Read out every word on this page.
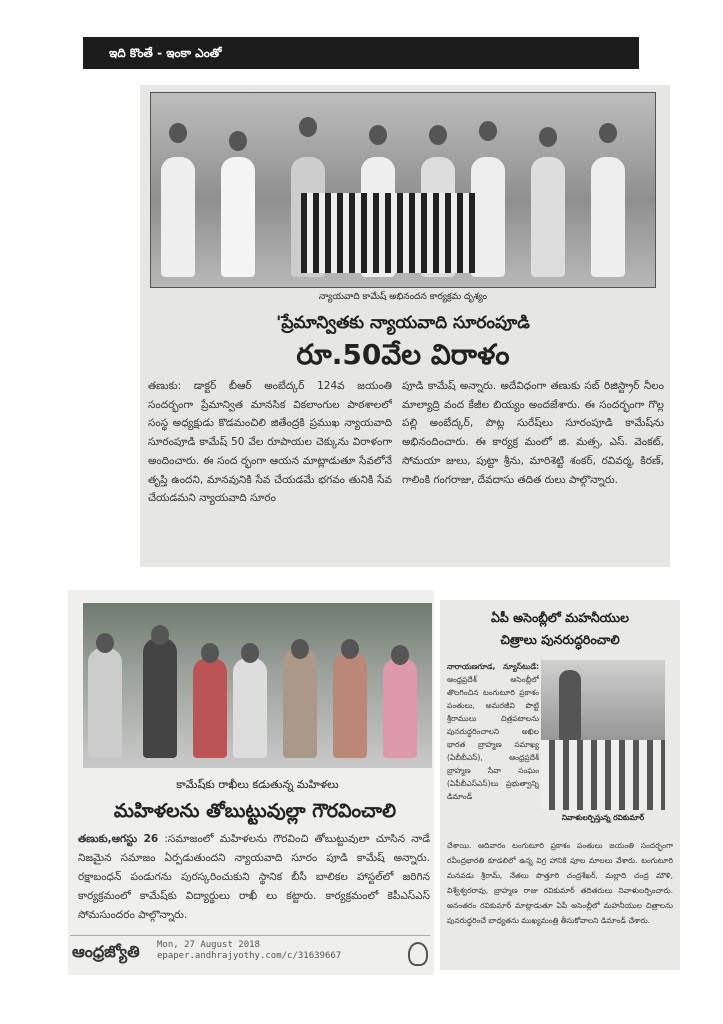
ఇది కొంతే - ఇంకా ఎంతో
న్యాయవాది కామేష్ అభినందన కార్యక్రమ దృశ్యం
'ప్రేమాన్వితకు న్యాయవాది సూరంపూడి
రూ.50వేల విరాళం
తణుకు: డాక్టర్ బీఆర్ అంబేద్కర్ 124వ జయంతి సందర్భంగా ప్రేమాన్విత మానసిక వికలాంగుల పాఠశాలలో సంస్థ అధ్యక్షుడు కొడమంచిలి జితేంద్రకి ప్రముఖ న్యాయవాది సూరంపూడి కామేష్ 50 వేల రూపాయల చెక్కును విరాళంగా అందించారు. ఈ సంద ర్భంగా ఆయన మాట్లాడుతూ సేవలోనే తృప్తి ఉందని, మానవునికి సేవ చేయడమే భగవం తునికి సేవ చేయడమని న్యాయవాది సూరం
పూడి కామేష్ అన్నారు. అదేవిధంగా తణుకు సబ్ రిజిస్ట్రార్ నీలం మాల్యాద్రి వంద కేజీల బియ్యం అందజేశారు. ఈ సందర్భంగా గొల్ల పల్లి అంబేద్కర్, పొట్ల సురేష్‌లు సూరంపూడి కామేష్‌ను అభినందించారు. ఈ కార్యక్ర మంలో జి. మత్స, ఎస్. వెంకట్, సోమయా జులు, పుట్టా శ్రీను, మారిశెట్టి శంకర్, రవివర్మ, కిరణ్, గాలింకి గంగరాజు, దేవదాసు తదిత రులు పాల్గొన్నారు.
కామేష్‌కు రాఖీలు కడుతున్న మహిళలు
మహిళలను తోబుట్టువుల్లా గౌరవించాలి
తణుకు,ఆగస్టు 26 :సమాజంలో మహిళలను గౌరవించి తోబుట్టువులా చూసిన నాడే నిజమైన సమాజం ఏర్పడుతుందని న్యాయవాది సూరం పూడి కామేష్ అన్నారు. రక్షాబంధన్ పండుగను పురస్కరించుకుని స్థానిక బీసీ బాలికల హాస్టల్‌లో జరిగిన కార్యక్రమంలో కామేష్‌కు విద్యార్థులు రాఖీ లు కట్టారు. కార్యక్రమంలో కెపీఎస్ఎస్ సోమసుందరం పాల్గొన్నారు.
ఆంధ్రజ్యోతి Mon, 27 August 2018
epaper.andhrajyothy.com/c/31639667
ఏపీ అసెంబ్లీలో మహనీయుల
చిత్రాలు పునరుద్ధరించాలి
నారాయణగూడ, న్యూస్‌టుడే: ఆంధ్రప్రదేశ్ అసెంబ్లీలో తొలగించిన టంగుటూరి ప్రకాశం పంతులు, అమరజీవి పొట్టి శ్రీరాములు చిత్రపటాలను పునరుద్ధరించాలని అఖిల భారత బ్రాహ్మణ సమాఖ్య (ఏబీబీఎస్), ఆంధ్రప్రదేశ్ బ్రాహ్మణ సేవా సంఘం (ఏపీబీఎస్ఎస్)లు ప్రభుత్వాన్ని డిమాండ్
నివాళులర్పిస్తున్న రవికుమార్
చేశాయి. ఆదివారం టంగుటూరి ప్రకాశం పంతులు జయంతి సందర్భంగా రవీంద్రభారతి కూడలిలో ఉన్న విగ్ర హానికి పూల మాలలు వేశారు. టంగుటూరి మనవడు శ్రీరామ్, నేతలు పొత్తూరి చంద్రశేఖర్, మల్లాది చంద్ర మౌళి, విశ్వేశ్వరరావు, బ్రాహ్మణ రాజు రవికుమార్ తదితరులు నివాళులర్పించారు. అనంతరం రవికుమార్ మాట్లాడుతూ ఏపీ అసెంబ్లీలో మహనీయుల చిత్రాలను పునరుద్ధరించే బాధ్యతను ముఖ్యమంత్రి తీసుకోవాలని డిమాండ్ చేశారు.
